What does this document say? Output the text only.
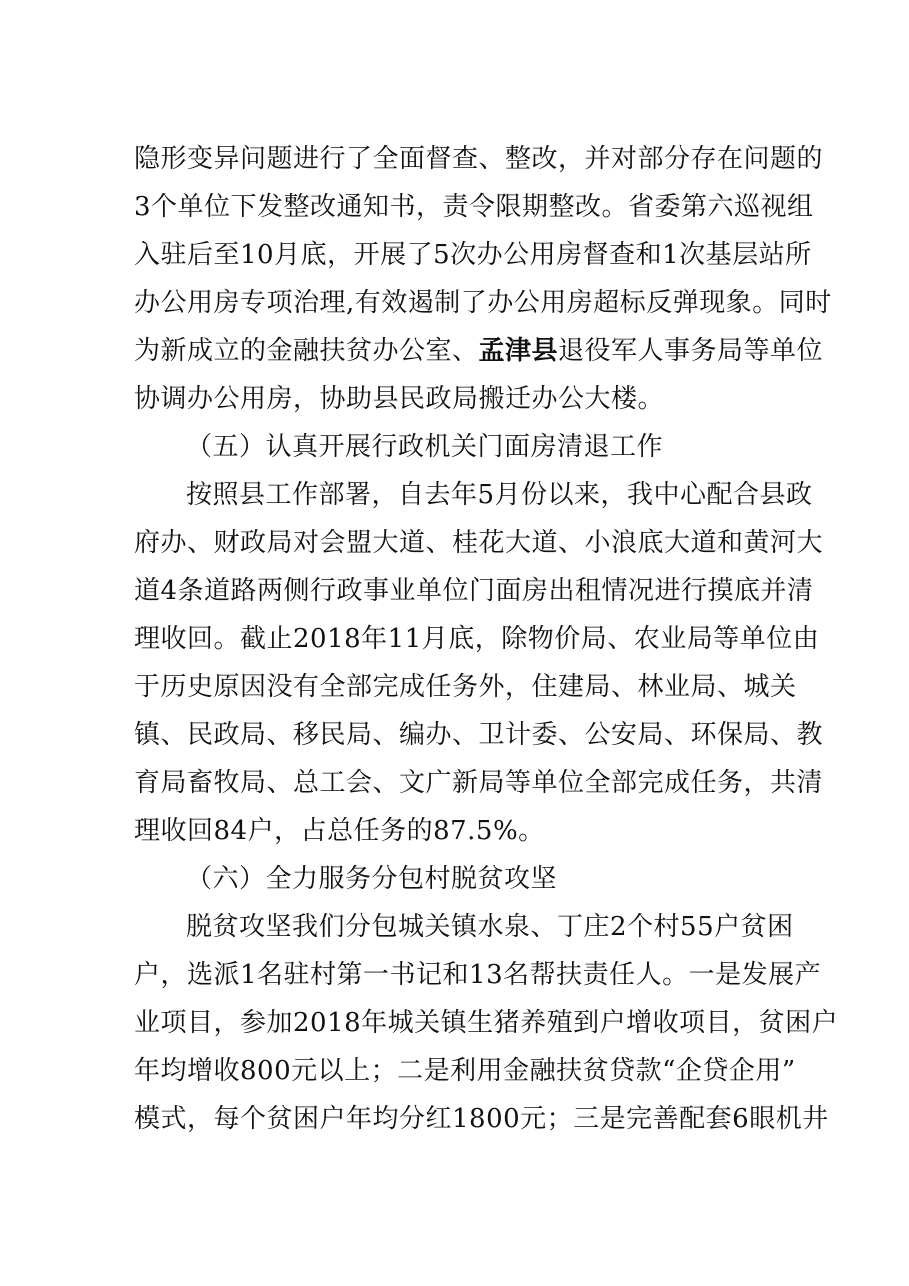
隐形变异问题进行了全面督查、整改，并对部分存在问题的
3个单位下发整改通知书，责令限期整改。省委第六巡视组
入驻后至10月底，开展了5次办公用房督查和1次基层站所
办公用房专项治理,有效遏制了办公用房超标反弹现象。同时
为新成立的金融扶贫办公室、孟津县退役军人事务局等单位
协调办公用房，协助县民政局搬迁办公大楼。
（五）认真开展行政机关门面房清退工作
按照县工作部署，自去年5月份以来，我中心配合县政
府办、财政局对会盟大道、桂花大道、小浪底大道和黄河大
道4条道路两侧行政事业单位门面房出租情况进行摸底并清
理收回。截止2018年11月底，除物价局、农业局等单位由
于历史原因没有全部完成任务外，住建局、林业局、城关
镇、民政局、移民局、编办、卫计委、公安局、环保局、教
育局畜牧局、总工会、文广新局等单位全部完成任务，共清
理收回84户，占总任务的87.5%。
（六）全力服务分包村脱贫攻坚
脱贫攻坚我们分包城关镇水泉、丁庄2个村55户贫困
户，选派1名驻村第一书记和13名帮扶责任人。一是发展产
业项目，参加2018年城关镇生猪养殖到户增收项目，贫困户
年均增收800元以上；二是利用金融扶贫贷款“企贷企用”
模式，每个贫困户年均分红1800元；三是完善配套6眼机井
